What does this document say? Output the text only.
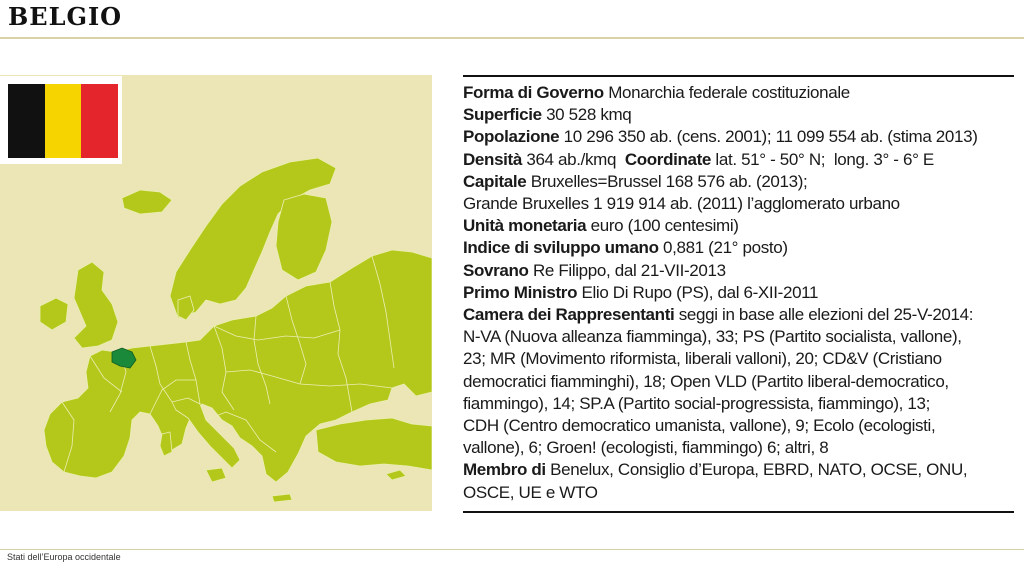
BELGIO
Forma di Governo Monarchia federale costituzionale
Superficie 30 528 kmq
Popolazione 10 296 350 ab. (cens. 2001); 11 099 554 ab. (stima 2013)
Densità 364 ab./kmq Coordinate lat. 51° - 50° N;  long. 3° - 6° E
Capitale Bruxelles=Brussel 168 576 ab. (2013);
Grande Bruxelles 1 919 914 ab. (2011) l’agglomerato urbano
Unità monetaria euro (100 centesimi)
Indice di sviluppo umano 0,881 (21° posto)
Sovrano Re Filippo, dal 21-VII-2013
Primo Ministro Elio Di Rupo (PS), dal 6-XII-2011
Camera dei Rappresentanti seggi in base alle elezioni del 25-V-2014:
N-VA (Nuova alleanza fiamminga), 33; PS (Partito socialista, vallone),
23; MR (Movimento riformista, liberali valloni), 20; CD&V (Cristiano
democratici fiamminghi), 18; Open VLD (Partito liberal-democratico,
fiammingo), 14; SP.A (Partito social-progressista, fiammingo), 13;
CDH (Centro democratico umanista, vallone), 9; Ecolo (ecologisti,
vallone), 6; Groen! (ecologisti, fiammingo) 6; altri, 8
Membro di Benelux, Consiglio d’Europa, EBRD, NATO, OCSE, ONU,
OSCE, UE e WTO
Stati dell’Europa occidentale
